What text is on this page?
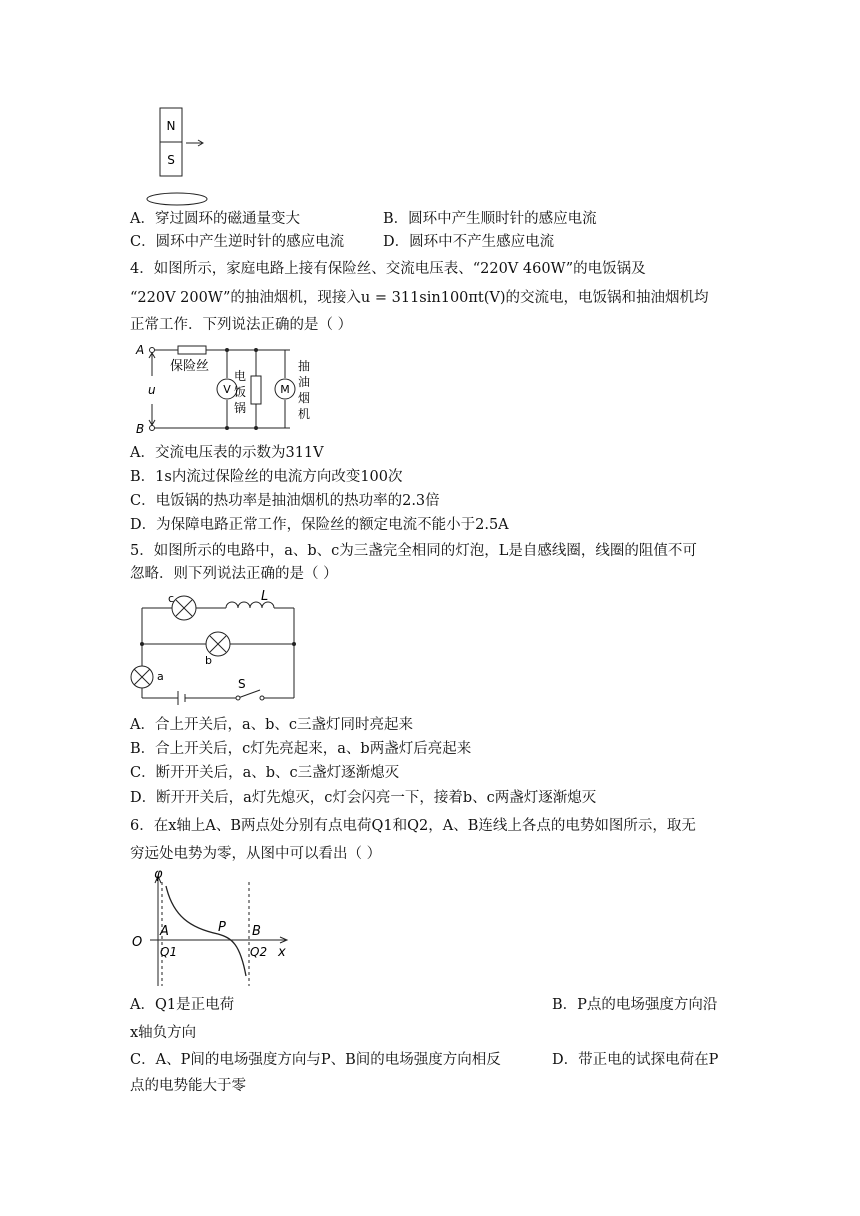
N
S
A．穿过圆环的磁通量变大	B．圆环中产生顺时针的感应电流
C．圆环中产生逆时针的感应电流	D．圆环中不产生感应电流
4．如图所示，家庭电路上接有保险丝、交流电压表、“220V 460W”的电饭锅及
“220V 200W”的抽油烟机，现接入u = 311sin100πt(V)的交流电，电饭锅和抽油烟机均
正常工作．下列说法正确的是（ ）
A
B
u
保险丝
V	M
电
饭
锅
抽
油
烟
机
A．交流电压表的示数为311V
B．1s内流过保险丝的电流方向改变100次
C．电饭锅的热功率是抽油烟机的热功率的2.3倍
D．为保障电路正常工作，保险丝的额定电流不能小于2.5A
5．如图所示的电路中，a、b、c为三盏完全相同的灯泡，L是自感线圈，线圈的阻值不可
忽略．则下列说法正确的是（ ）
c	L
b
a
S
A．合上开关后，a、b、c三盏灯同时亮起来
B．合上开关后，c灯先亮起来，a、b两盏灯后亮起来
C．断开开关后，a、b、c三盏灯逐渐熄灭
D．断开开关后，a灯先熄灭，c灯会闪亮一下，接着b、c两盏灯逐渐熄灭
6．在x轴上A、B两点处分别有点电荷Q1和Q2，A、B连线上各点的电势如图所示，取无
穷远处电势为零，从图中可以看出（ ）
φ
O
A
Q1
P B
Q2 x
A．Q1是正电荷	B．P点的电场强度方向沿
x轴负方向
C．A、P间的电场强度方向与P、B间的电场强度方向相反	D．带正电的试探电荷在P
点的电势能大于零
